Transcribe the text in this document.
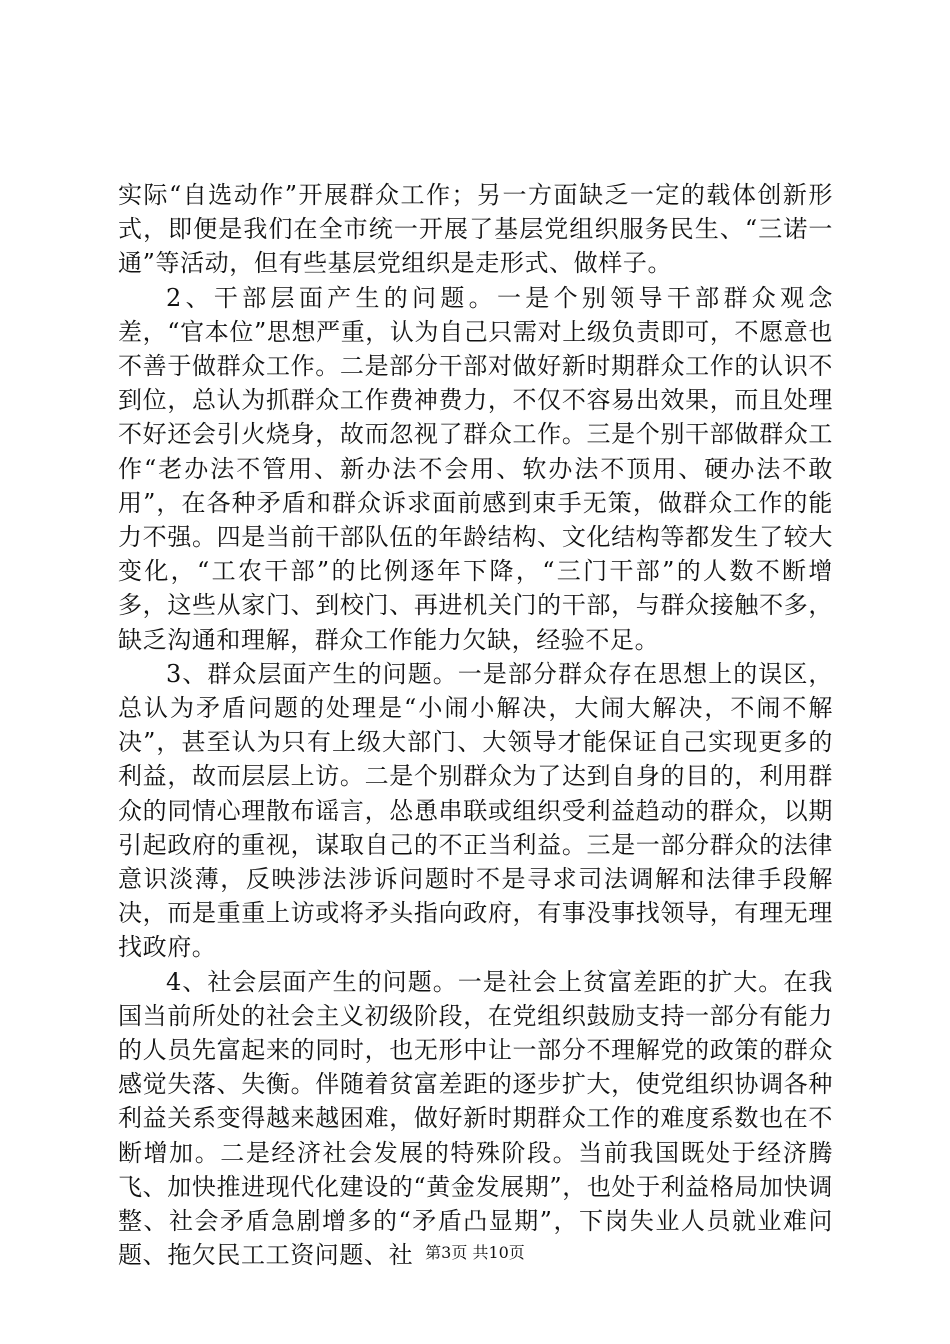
实际“自选动作”开展群众工作；另一方面缺乏一定的载体创新形式，即便是我们在全市统一开展了基层党组织服务民生、“三诺一通”等活动，但有些基层党组织是走形式、做样子。

2、干部层面产生的问题。一是个别领导干部群众观念差，“官本位”思想严重，认为自己只需对上级负责即可，不愿意也不善于做群众工作。二是部分干部对做好新时期群众工作的认识不到位，总认为抓群众工作费神费力，不仅不容易出效果，而且处理不好还会引火烧身，故而忽视了群众工作。三是个别干部做群众工作“老办法不管用、新办法不会用、软办法不顶用、硬办法不敢用”，在各种矛盾和群众诉求面前感到束手无策，做群众工作的能力不强。四是当前干部队伍的年龄结构、文化结构等都发生了较大变化，“工农干部”的比例逐年下降，“三门干部”的人数不断增多，这些从家门、到校门、再进机关门的干部，与群众接触不多，缺乏沟通和理解，群众工作能力欠缺，经验不足。

3、群众层面产生的问题。一是部分群众存在思想上的误区，总认为矛盾问题的处理是“小闹小解决，大闹大解决，不闹不解决”，甚至认为只有上级大部门、大领导才能保证自己实现更多的利益，故而层层上访。二是个别群众为了达到自身的目的，利用群众的同情心理散布谣言，怂恿串联或组织受利益趋动的群众，以期引起政府的重视，谋取自己的不正当利益。三是一部分群众的法律意识淡薄，反映涉法涉诉问题时不是寻求司法调解和法律手段解决，而是重重上访或将矛头指向政府，有事没事找领导，有理无理找政府。

4、社会层面产生的问题。一是社会上贫富差距的扩大。在我国当前所处的社会主义初级阶段，在党组织鼓励支持一部分有能力的人员先富起来的同时，也无形中让一部分不理解党的政策的群众感觉失落、失衡。伴随着贫富差距的逐步扩大，使党组织协调各种利益关系变得越来越困难，做好新时期群众工作的难度系数也在不断增加。二是经济社会发展的特殊阶段。当前我国既处于经济腾飞、加快推进现代化建设的“黄金发展期”，也处于利益格局加快调整、社会矛盾急剧增多的“矛盾凸显期”，下岗失业人员就业难问题、拖欠民工工资问题、社 第3页 共10页
